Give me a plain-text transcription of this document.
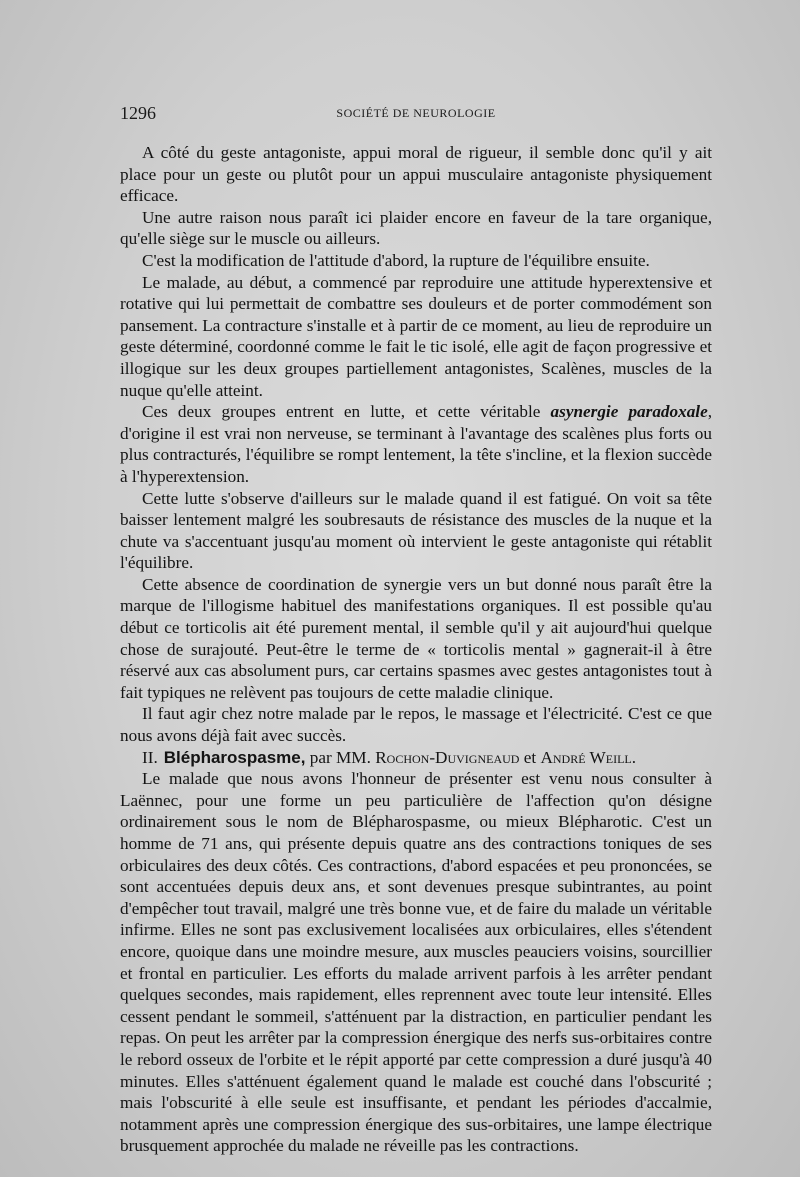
1296	SOCIÉTÉ DE NEUROLOGIE

A côté du geste antagoniste, appui moral de rigueur, il semble donc qu'il y ait place pour un geste ou plutôt pour un appui musculaire antagoniste physiquement efficace.

Une autre raison nous paraît ici plaider encore en faveur de la tare organique, qu'elle siège sur le muscle ou ailleurs.

C'est la modification de l'attitude d'abord, la rupture de l'équilibre ensuite.

Le malade, au début, a commencé par reproduire une attitude hyperextensive et rotative qui lui permettait de combattre ses douleurs et de porter commodément son pansement. La contracture s'installe et à partir de ce moment, au lieu de reproduire un geste déterminé, coordonné comme le fait le tic isolé, elle agit de façon progressive et illogique sur les deux groupes partiellement antagonistes, Scalènes, muscles de la nuque qu'elle atteint.

Ces deux groupes entrent en lutte, et cette véritable asynergie paradoxale, d'origine il est vrai non nerveuse, se terminant à l'avantage des scalènes plus forts ou plus contracturés, l'équilibre se rompt lentement, la tête s'incline, et la flexion succède à l'hyperextension.

Cette lutte s'observe d'ailleurs sur le malade quand il est fatigué. On voit sa tête baisser lentement malgré les soubresauts de résistance des muscles de la nuque et la chute va s'accentuant jusqu'au moment où intervient le geste antagoniste qui rétablit l'équilibre.

Cette absence de coordination de synergie vers un but donné nous paraît être la marque de l'illogisme habituel des manifestations organiques. Il est possible qu'au début ce torticolis ait été purement mental, il semble qu'il y ait aujourd'hui quelque chose de surajouté. Peut-être le terme de « torticolis mental » gagnerait-il à être réservé aux cas absolument purs, car certains spasmes avec gestes antagonistes tout à fait typiques ne relèvent pas toujours de cette maladie clinique.

Il faut agir chez notre malade par le repos, le massage et l'électricité. C'est ce que nous avons déjà fait avec succès.

II. Blépharospasme, par MM. Rochon-Duvigneaud et André Weill.

Le malade que nous avons l'honneur de présenter est venu nous consulter à Laënnec, pour une forme un peu particulière de l'affection qu'on désigne ordinairement sous le nom de Blépharospasme, ou mieux Blépharotic. C'est un homme de 71 ans, qui présente depuis quatre ans des contractions toniques de ses orbiculaires des deux côtés. Ces contractions, d'abord espacées et peu prononcées, se sont accentuées depuis deux ans, et sont devenues presque subintrantes, au point d'empêcher tout travail, malgré une très bonne vue, et de faire du malade un véritable infirme. Elles ne sont pas exclusivement localisées aux orbiculaires, elles s'étendent encore, quoique dans une moindre mesure, aux muscles peauciers voisins, sourcillier et frontal en particulier. Les efforts du malade arrivent parfois à les arrêter pendant quelques secondes, mais rapidement, elles reprennent avec toute leur intensité. Elles cessent pendant le sommeil, s'atténuent par la distraction, en particulier pendant les repas. On peut les arrêter par la compression énergique des nerfs sus-orbitaires contre le rebord osseux de l'orbite et le répit apporté par cette compression a duré jusqu'à 40 minutes. Elles s'atténuent également quand le malade est couché dans l'obscurité ; mais l'obscurité à elle seule est insuffisante, et pendant les périodes d'accalmie, notamment après une compression énergique des sus-orbitaires, une lampe électrique brusquement approchée du malade ne réveille pas les contractions.
